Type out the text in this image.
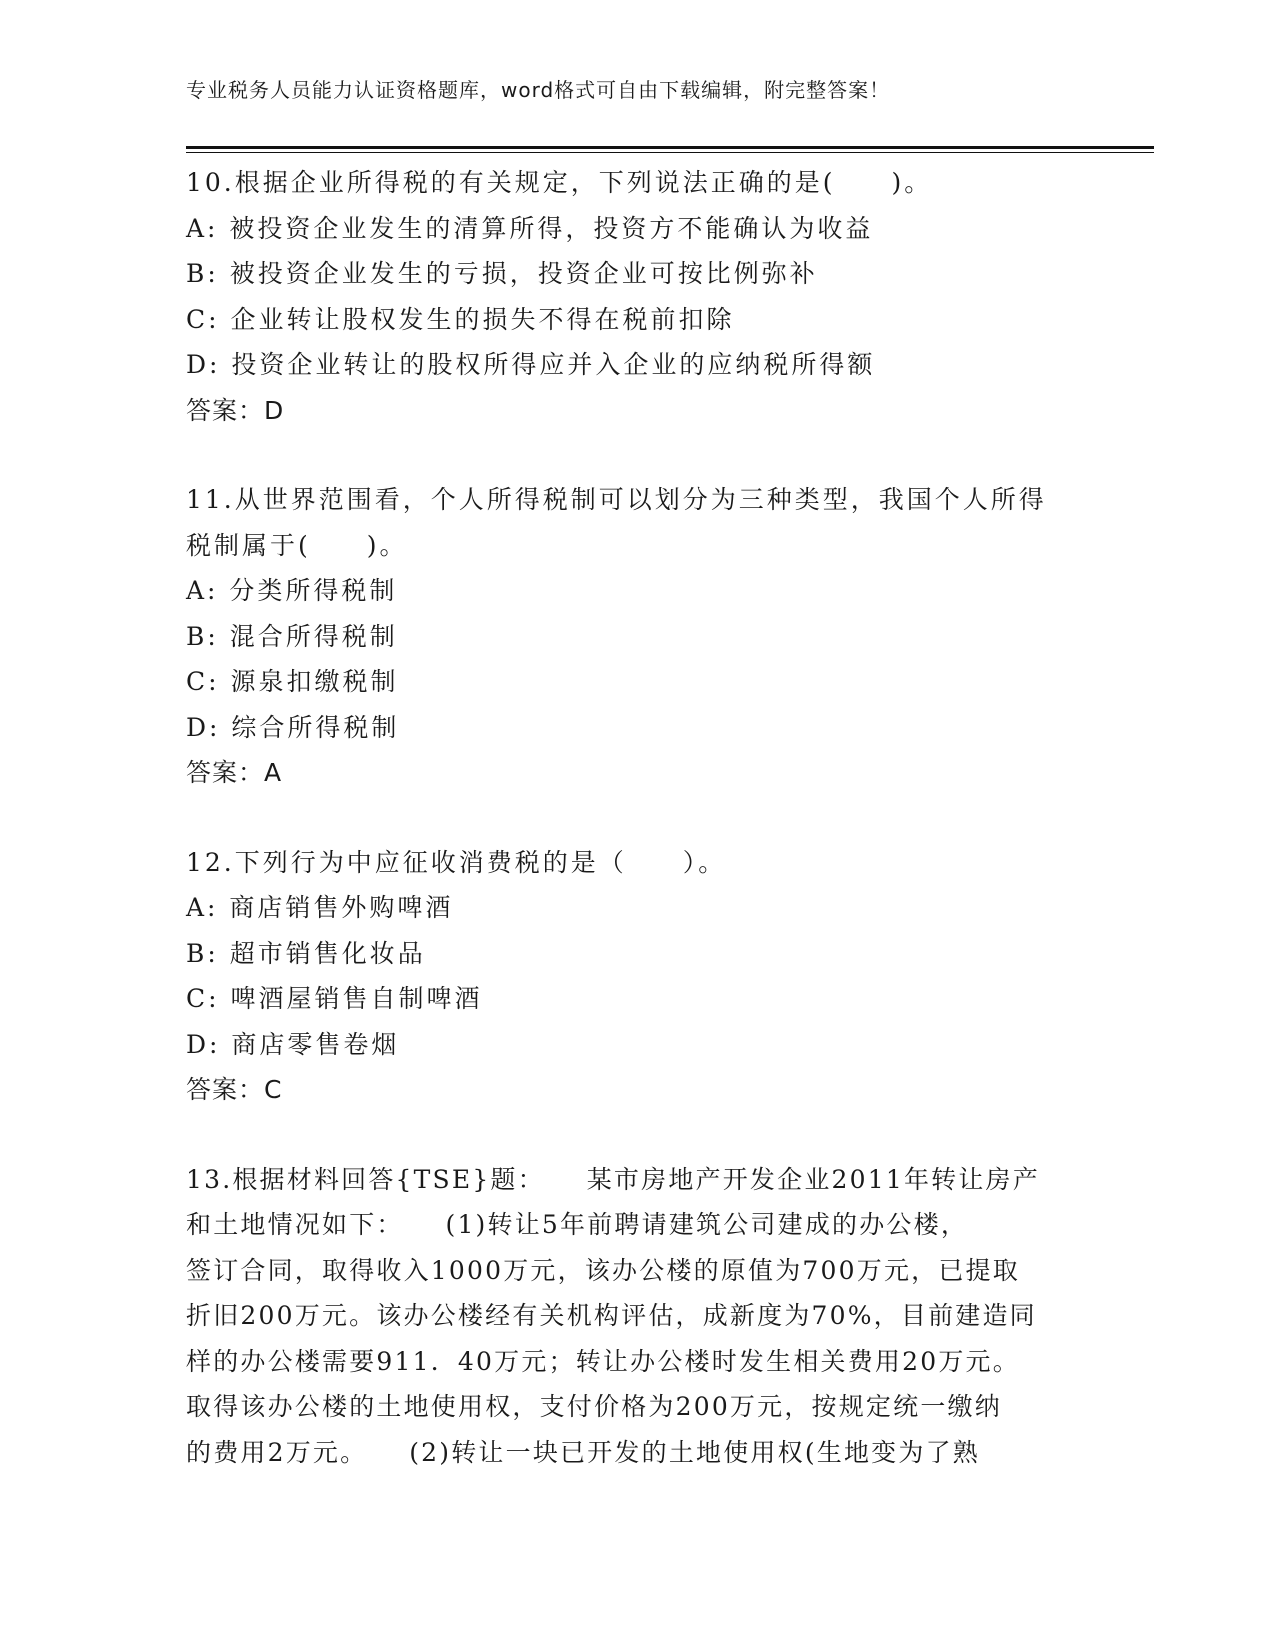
专业税务人员能力认证资格题库，word格式可自由下载编辑，附完整答案！
10.根据企业所得税的有关规定，下列说法正确的是(　　)。
A: 被投资企业发生的清算所得，投资方不能确认为收益
B: 被投资企业发生的亏损，投资企业可按比例弥补
C: 企业转让股权发生的损失不得在税前扣除
D: 投资企业转让的股权所得应并入企业的应纳税所得额
答案：D
11.从世界范围看，个人所得税制可以划分为三种类型，我国个人所得
税制属于(　　)。
A: 分类所得税制
B: 混合所得税制
C: 源泉扣缴税制
D: 综合所得税制
答案：A
12.下列行为中应征收消费税的是（　　）。
A: 商店销售外购啤酒
B: 超市销售化妆品
C: 啤酒屋销售自制啤酒
D: 商店零售卷烟
答案：C
13.根据材料回答{TSE}题：　　某市房地产开发企业2011年转让房产
和土地情况如下：　　(1)转让5年前聘请建筑公司建成的办公楼，
签订合同，取得收入1000万元，该办公楼的原值为700万元，已提取
折旧200万元。该办公楼经有关机构评估，成新度为70%，目前建造同
样的办公楼需要911．40万元；转让办公楼时发生相关费用20万元。
取得该办公楼的土地使用权，支付价格为200万元，按规定统一缴纳
的费用2万元。　　(2)转让一块已开发的土地使用权(生地变为了熟
